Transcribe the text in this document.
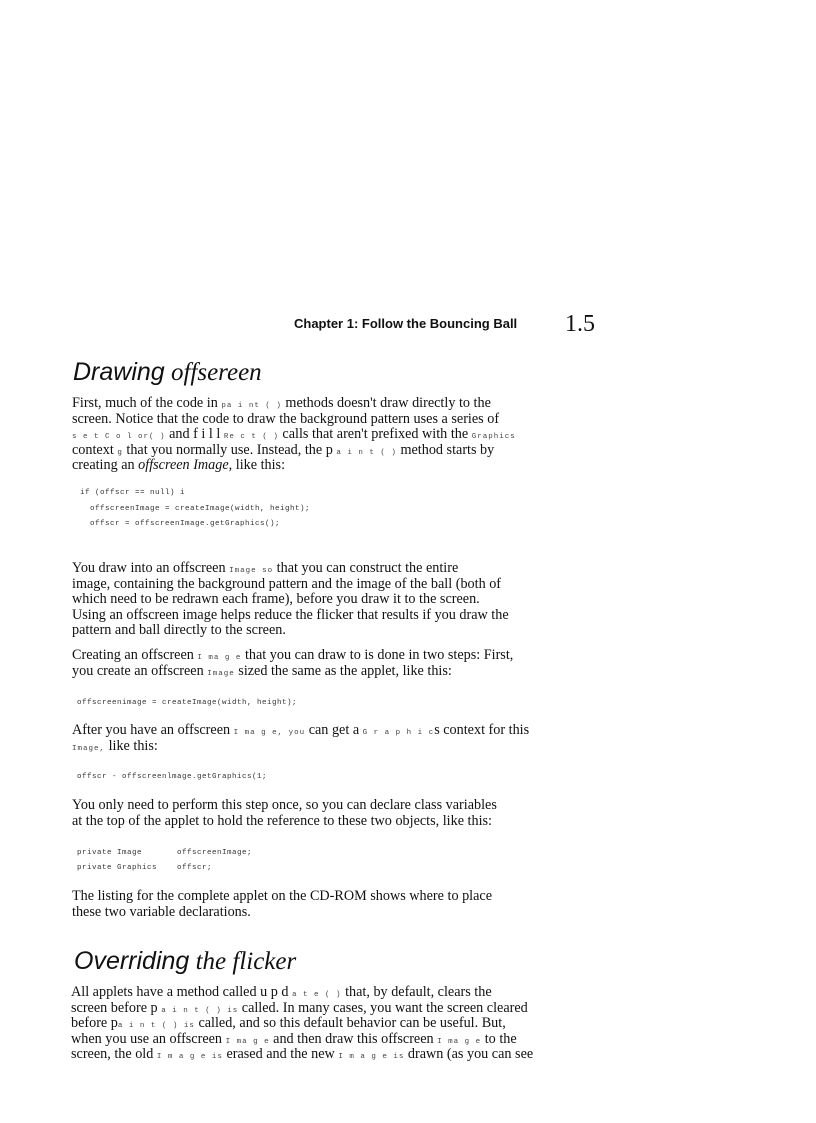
Chapter 1: Follow the Bouncing Ball 1.5
Drawing offsereen
First, much of the code in pa i nt ( ) methods doesn't draw directly to the
screen. Notice that the code to draw the background pattern uses a series of
s e t C o l or( ) and f i l l Re c t ( ) calls that aren't prefixed with the Graphics
context g that you normally use. Instead, the p a i n t ( ) method starts by
creating an offscreen Image, like this:
if (offscr == null) i
offscreenImage = createImage(width, height);
offscr = offscreenImage.getGraphics();
You draw into an offscreen Image so that you can construct the entire
image, containing the background pattern and the image of the ball (both of
which need to be redrawn each frame), before you draw it to the screen.
Using an offscreen image helps reduce the flicker that results if you draw the
pattern and ball directly to the screen.
Creating an offscreen I ma g e that you can draw to is done in two steps: First,
you create an offscreen Image sized the same as the applet, like this:
offscreenimage = createImage(width, height);
After you have an offscreen I ma g e, you can get a G r a p h i cs context for this
Image, like this:
offscr - offscreenlmage.getGraphics(1;
You only need to perform this step once, so you can declare class variables
at the top of the applet to hold the reference to these two objects, like this:
private Image       offscreenImage;
private Graphics    offscr;
The listing for the complete applet on the CD-ROM shows where to place
these two variable declarations.
Overriding the flicker
All applets have a method called u p d a t e ( ) that, by default, clears the
screen before p a i n t ( ) is called. In many cases, you want the screen cleared
before pa i n t ( ) is called, and so this default behavior can be useful. But,
when you use an offscreen I ma g e and then draw this offscreen I ma g e to the
screen, the old I m a g e is erased and the new I m a g e is drawn (as you can see
